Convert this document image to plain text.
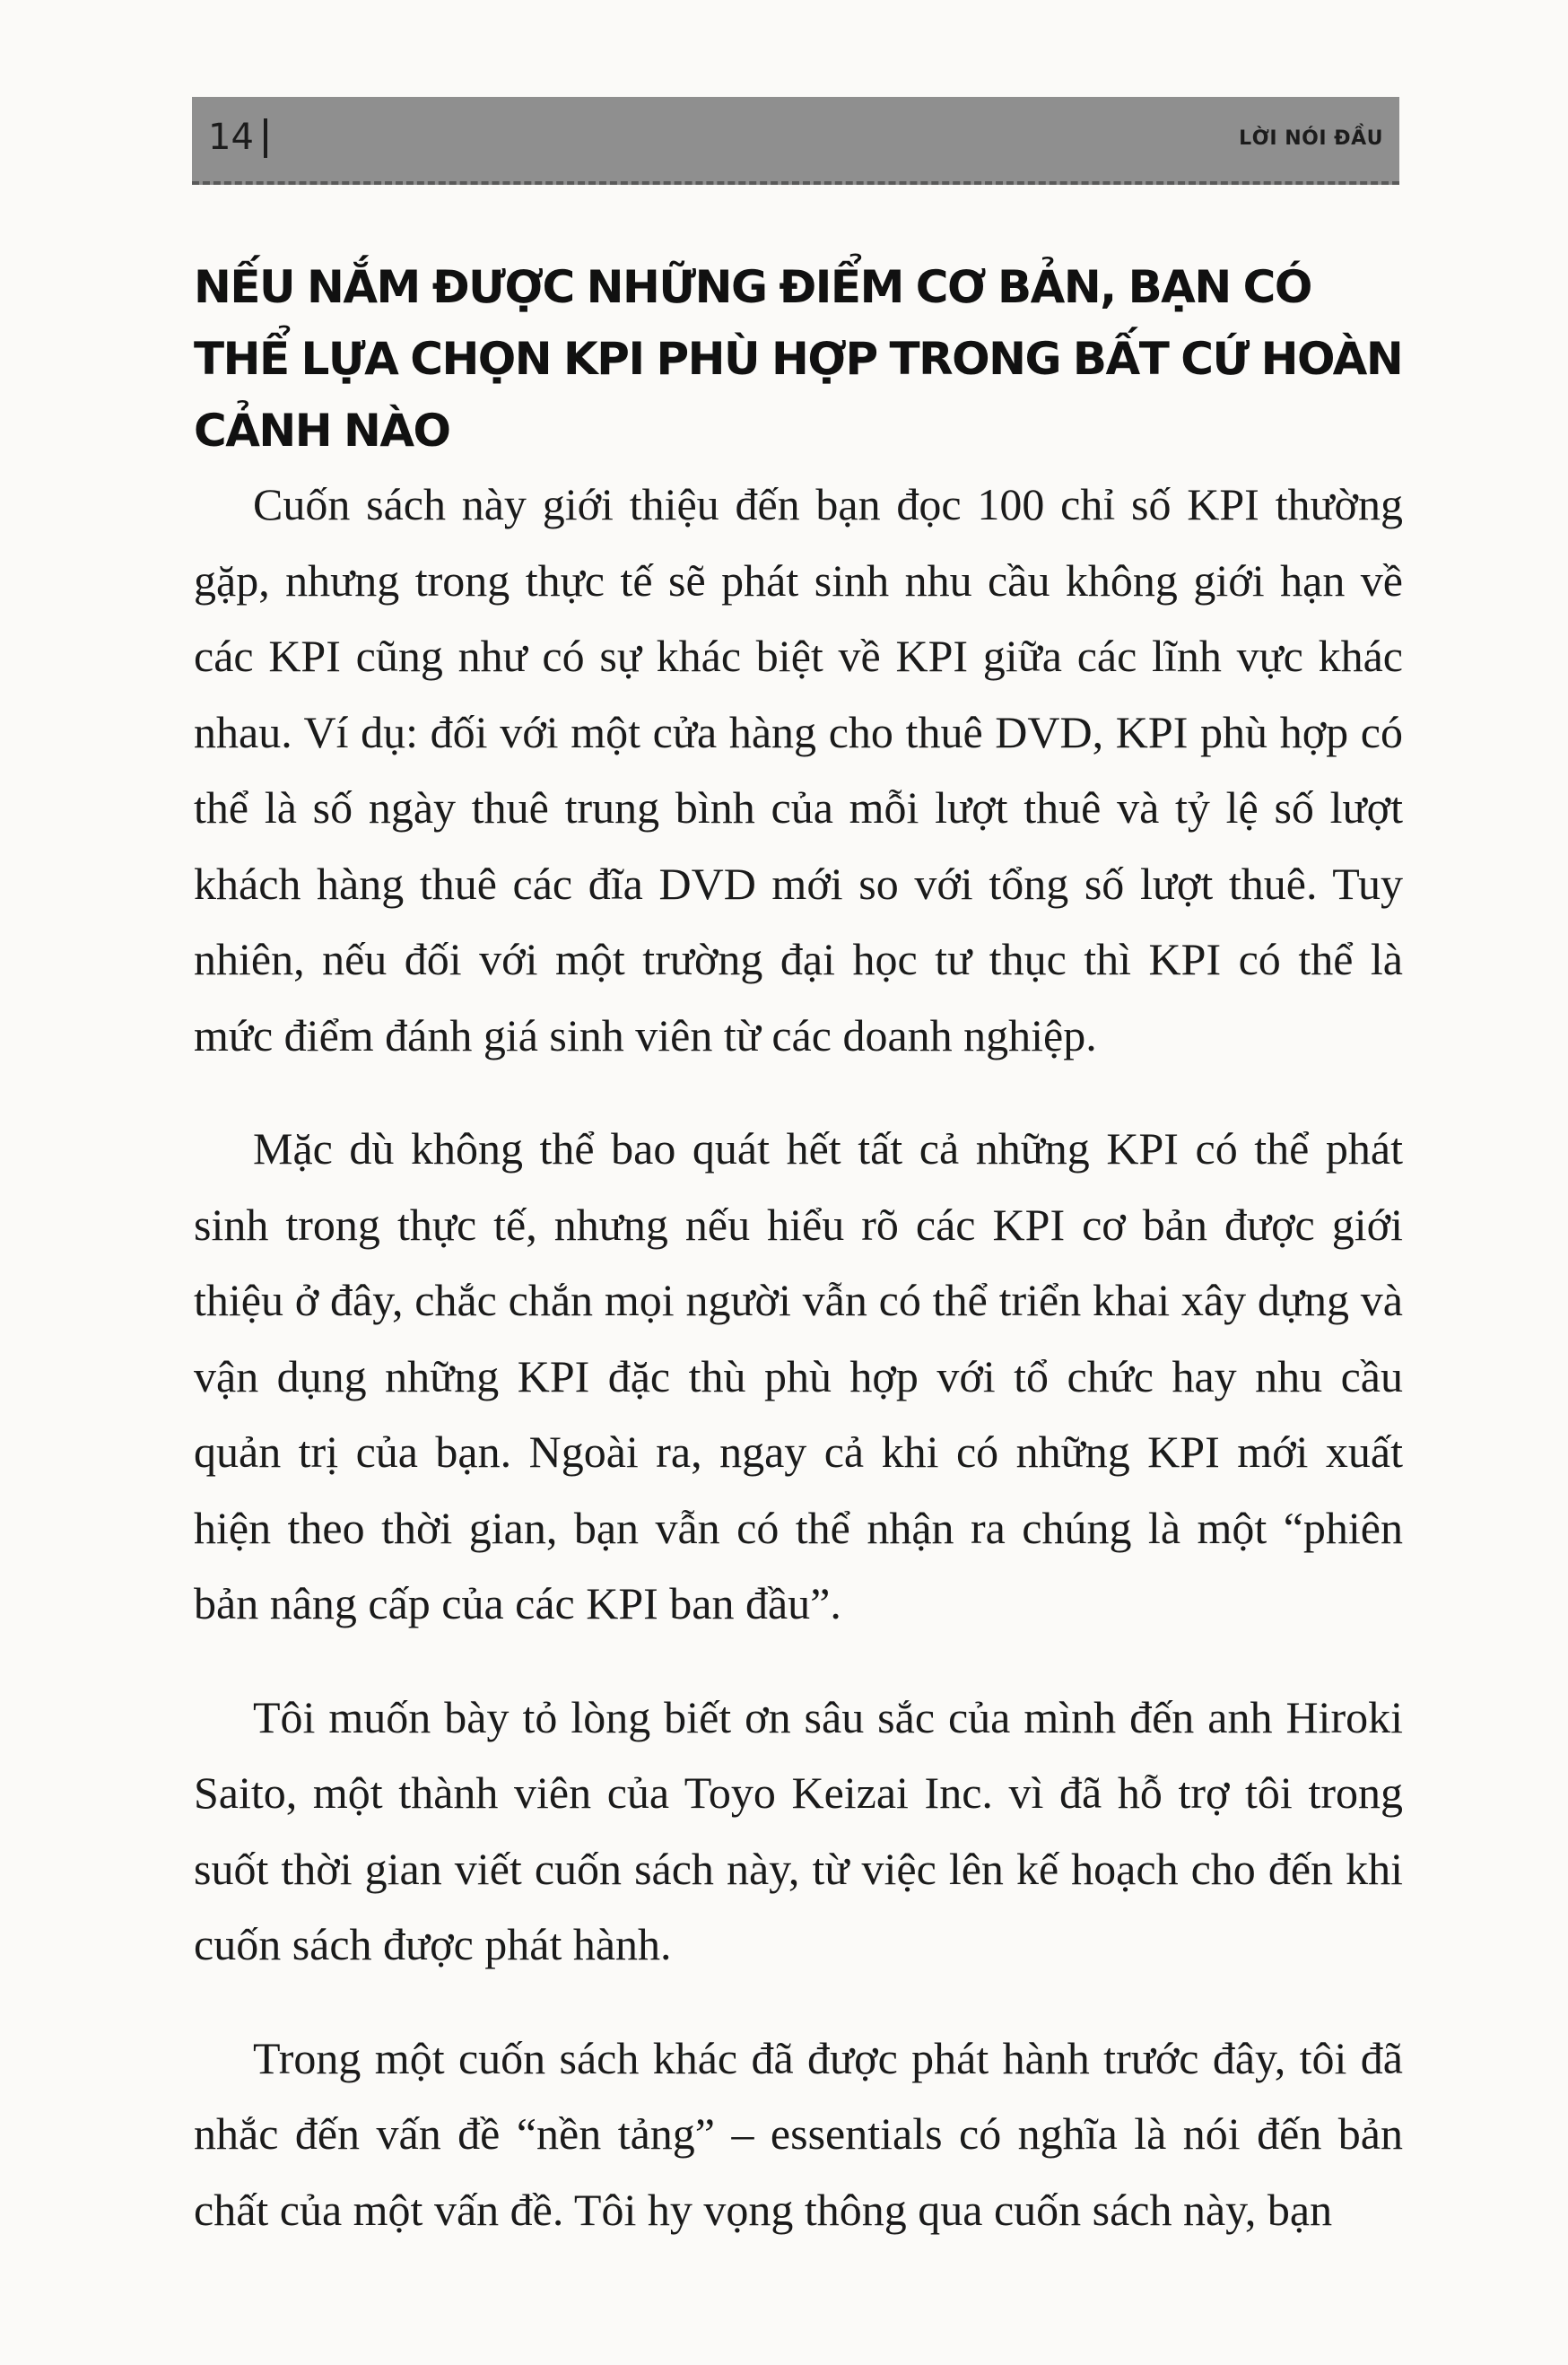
14	LỜI NÓI ĐẦU
NẾU NẮM ĐƯỢC NHỮNG ĐIỂM CƠ BẢN, BẠN CÓ THỂ LỰA CHỌN KPI PHÙ HỢP TRONG BẤT CỨ HOÀN CẢNH NÀO

Cuốn sách này giới thiệu đến bạn đọc 100 chỉ số KPI thường gặp, nhưng trong thực tế sẽ phát sinh nhu cầu không giới hạn về các KPI cũng như có sự khác biệt về KPI giữa các lĩnh vực khác nhau. Ví dụ: đối với một cửa hàng cho thuê DVD, KPI phù hợp có thể là số ngày thuê trung bình của mỗi lượt thuê và tỷ lệ số lượt khách hàng thuê các đĩa DVD mới so với tổng số lượt thuê. Tuy nhiên, nếu đối với một trường đại học tư thục thì KPI có thể là mức điểm đánh giá sinh viên từ các doanh nghiệp.

Mặc dù không thể bao quát hết tất cả những KPI có thể phát sinh trong thực tế, nhưng nếu hiểu rõ các KPI cơ bản được giới thiệu ở đây, chắc chắn mọi người vẫn có thể triển khai xây dựng và vận dụng những KPI đặc thù phù hợp với tổ chức hay nhu cầu quản trị của bạn. Ngoài ra, ngay cả khi có những KPI mới xuất hiện theo thời gian, bạn vẫn có thể nhận ra chúng là một “phiên bản nâng cấp của các KPI ban đầu”.

Tôi muốn bày tỏ lòng biết ơn sâu sắc của mình đến anh Hiroki Saito, một thành viên của Toyo Keizai Inc. vì đã hỗ trợ tôi trong suốt thời gian viết cuốn sách này, từ việc lên kế hoạch cho đến khi cuốn sách được phát hành.

Trong một cuốn sách khác đã được phát hành trước đây, tôi đã nhắc đến vấn đề “nền tảng” – essentials có nghĩa là nói đến bản chất của một vấn đề. Tôi hy vọng thông qua cuốn sách này, bạn
